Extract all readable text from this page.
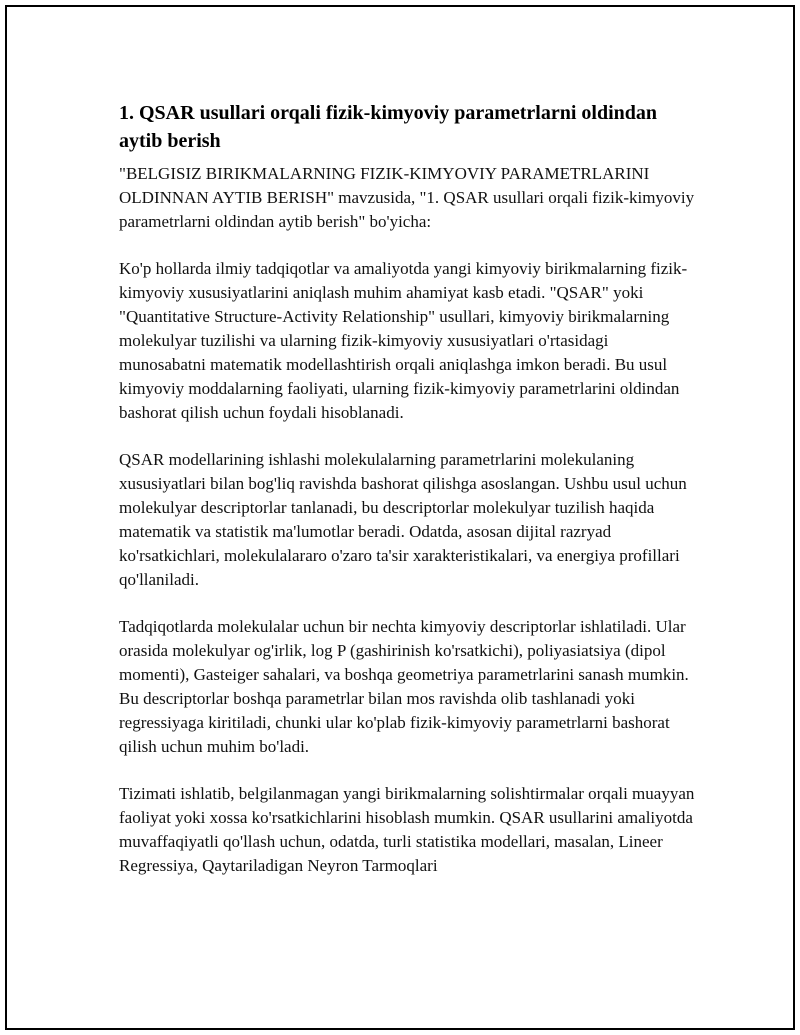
1. QSAR usullari orqali fizik-kimyoviy parametrlarni oldindan aytib berish

"BELGISIZ BIRIKMALARNING FIZIK-KIMYOVIY PARAMETRLARINI OLDINNAN AYTIB BERISH" mavzusida, "1. QSAR usullari orqali fizik-kimyoviy parametrlarni oldindan aytib berish" bo'yicha:

Ko'p hollarda ilmiy tadqiqotlar va amaliyotda yangi kimyoviy birikmalarning fizik-kimyoviy xususiyatlarini aniqlash muhim ahamiyat kasb etadi. "QSAR" yoki "Quantitative Structure-Activity Relationship" usullari, kimyoviy birikmalarning molekulyar tuzilishi va ularning fizik-kimyoviy xususiyatlari o'rtasidagi munosabatni matematik modellashtirish orqali aniqlashga imkon beradi. Bu usul kimyoviy moddalarning faoliyati, ularning fizik-kimyoviy parametrlarini oldindan bashorat qilish uchun foydali hisoblanadi.

QSAR modellarining ishlashi molekulalarning parametrlarini molekulaning xususiyatlari bilan bog'liq ravishda bashorat qilishga asoslangan. Ushbu usul uchun molekulyar descriptorlar tanlanadi, bu descriptorlar molekulyar tuzilish haqida matematik va statistik ma'lumotlar beradi. Odatda, asosan dijital razryad ko'rsatkichlari, molekulalararo o'zaro ta'sir xarakteristikalari, va energiya profillari qo'llaniladi.

Tadqiqotlarda molekulalar uchun bir nechta kimyoviy descriptorlar ishlatiladi. Ular orasida molekulyar og'irlik, log P (gashirinish ko'rsatkichi), poliyasiatsiya (dipol momenti), Gasteiger sahalari, va boshqa geometriya parametrlarini sanash mumkin. Bu descriptorlar boshqa parametrlar bilan mos ravishda olib tashlanadi yoki regressiyaga kiritiladi, chunki ular ko'plab fizik-kimyoviy parametrlarni bashorat qilish uchun muhim bo'ladi.

Tizimati ishlatib, belgilanmagan yangi birikmalarning solishtirmalar orqali muayyan faoliyat yoki xossa ko'rsatkichlarini hisoblash mumkin. QSAR usullarini amaliyotda muvaffaqiyatli qo'llash uchun, odatda, turli statistika modellari, masalan, Lineer Regressiya, Qaytariladigan Neyron Tarmoqlari
